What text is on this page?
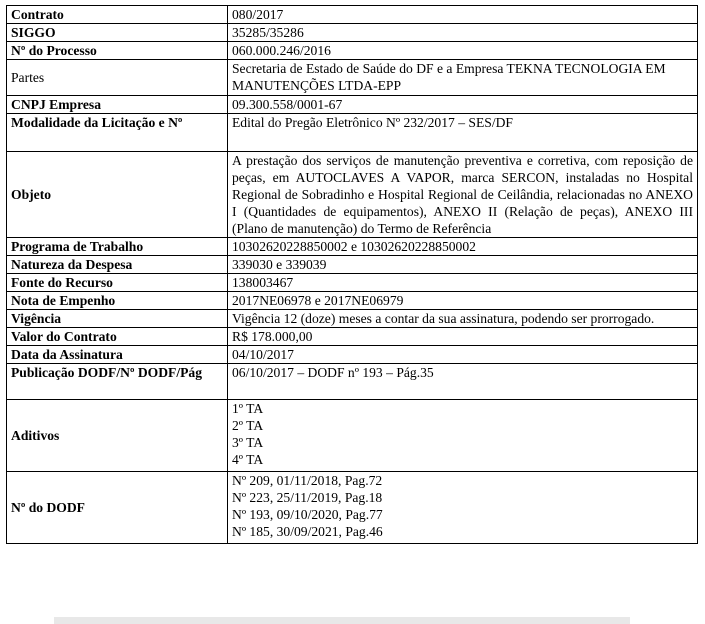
Contrato	080/2017
SIGGO	35285/35286
Nº do Processo	060.000.246/2016
Partes	Secretaria de Estado de Saúde do DF e a Empresa TEKNA TECNOLOGIA EM MANUTENÇÕES LTDA-EPP
CNPJ Empresa	09.300.558/0001-67
Modalidade da Licitação e Nº	Edital do Pregão Eletrônico Nº 232/2017 – SES/DF
Objeto	A prestação dos serviços de manutenção preventiva e corretiva, com reposição de peças, em AUTOCLAVES A VAPOR, marca SERCON, instaladas no Hospital Regional de Sobradinho e Hospital Regional de Ceilândia, relacionadas no ANEXO I (Quantidades de equipamentos), ANEXO II (Relação de peças), ANEXO III (Plano de manutenção) do Termo de Referência
Programa de Trabalho	10302620228850002 e 10302620228850002
Natureza da Despesa	339030 e 339039
Fonte do Recurso	138003467
Nota de Empenho	2017NE06978 e 2017NE06979
Vigência	Vigência 12 (doze) meses a contar da sua assinatura, podendo ser prorrogado.
Valor do Contrato	R$ 178.000,00
Data da Assinatura	04/10/2017
Publicação DODF/Nº DODF/Pág	06/10/2017 – DODF nº 193 – Pág.35
Aditivos	1º TA
2º TA
3º TA
4º TA

Nº do DODF	Nº 209, 01/11/2018, Pag.72
Nº 223, 25/11/2019, Pag.18
Nº 193, 09/10/2020, Pag.77
Nº 185, 30/09/2021, Pag.46
